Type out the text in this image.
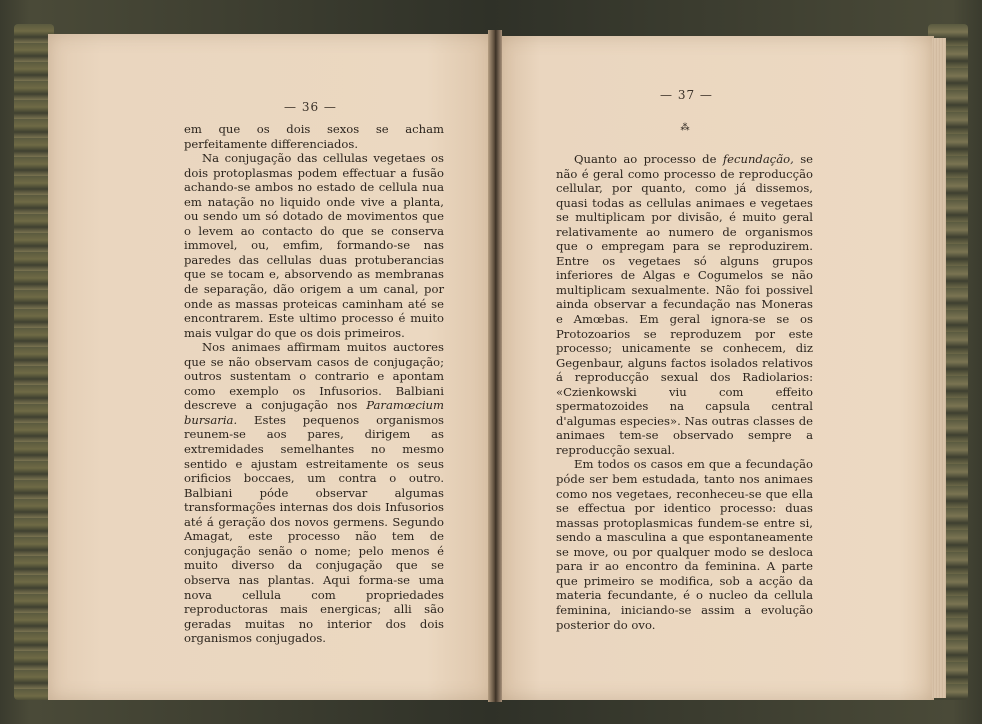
— 36 —

em que os dois sexos se acham perfeitamente differenciados.

Na conjugação das cellulas vegetaes os dois protoplasmas podem effectuar a fusão achando-se ambos no estado de cellula nua em natação no liquido onde vive a planta, ou sendo um só dotado de movimentos que o levem ao contacto do que se conserva immovel, ou, emfim, formando-se nas paredes das cellulas duas protuberancias que se tocam e, absorvendo as membranas de separação, dão origem a um canal, por onde as massas proteicas caminham até se encontrarem. Este ultimo processo é muito mais vulgar do que os dois primeiros.

Nos animaes affirmam muitos auctores que se não observam casos de conjugação; outros sustentam o contrario e apontam como exemplo os Infusorios. Balbiani descreve a conjugação nos Paramœcium bursaria. Estes pequenos organismos reunem-se aos pares, dirigem as extremidades semelhantes no mesmo sentido e ajustam estreitamente os seus orificios boccaes, um contra o outro. Balbiani póde observar algumas transformações internas dos dois Infusorios até á geração dos novos germens. Segundo Amagat, este processo não tem de conjugação senão o nome; pelo menos é muito diverso da conjugação que se observa nas plantas. Aqui forma-se uma nova cellula com propriedades reproductoras mais energicas; alli são geradas muitas no interior dos dois organismos conjugados.

— 37 —
⁂

Quanto ao processo de fecundação, se não é geral como processo de reproducção cellular, por quanto, como já dissemos, quasi todas as cellulas animaes e vegetaes se multiplicam por divisão, é muito geral relativamente ao numero de organismos que o empregam para se reproduzirem. Entre os vegetaes só alguns grupos inferiores de Algas e Cogumelos se não multiplicam sexualmente. Não foi possivel ainda observar a fecundação nas Moneras e Amœbas. Em geral ignora-se se os Protozoarios se reproduzem por este processo; unicamente se conhecem, diz Gegenbaur, alguns factos isolados relativos á reproducção sexual dos Radiolarios: «Czienkowski viu com effeito spermatozoides na capsula central d'algumas especies». Nas outras classes de animaes tem-se observado sempre a reproducção sexual.

Em todos os casos em que a fecundação póde ser bem estudada, tanto nos animaes como nos vegetaes, reconheceu-se que ella se effectua por identico processo: duas massas protoplasmicas fundem-se entre si, sendo a masculina a que espontaneamente se move, ou por qualquer modo se desloca para ir ao encontro da feminina. A parte que primeiro se modifica, sob a acção da materia fecundante, é o nucleo da cellula feminina, iniciando-se assim a evolução posterior do ovo.
